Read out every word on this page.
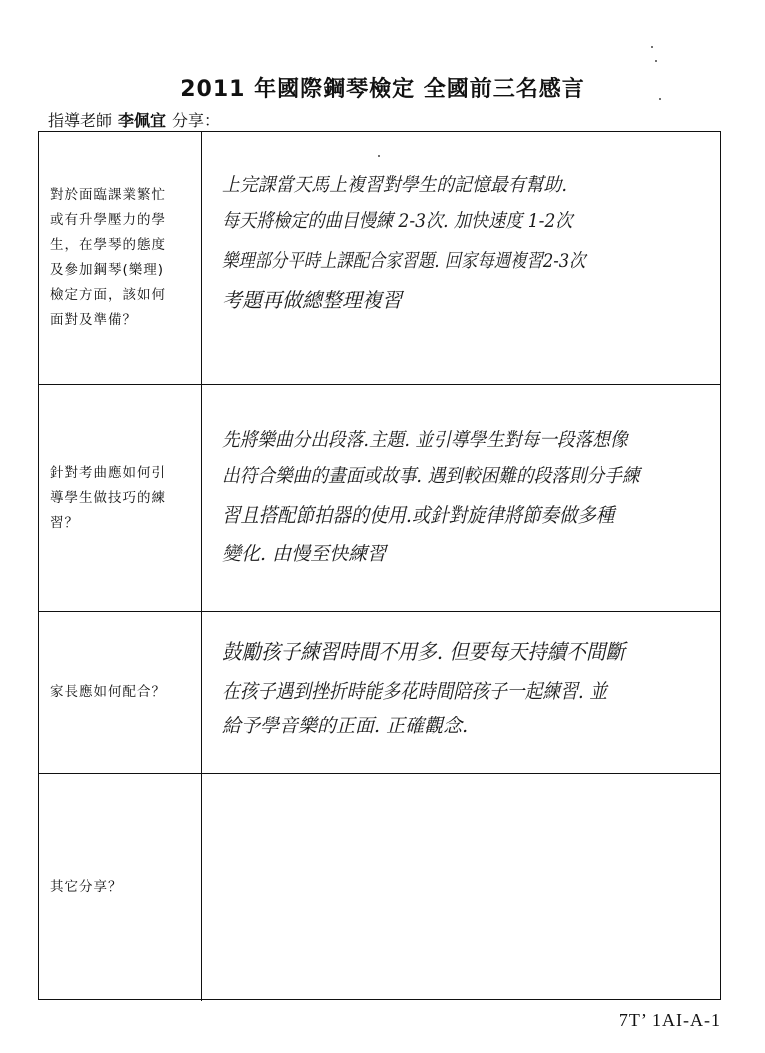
2011 年國際鋼琴檢定 全國前三名感言
指導老師 李佩宜 分享：
對於面臨課業繁忙
或有升學壓力的學
生，在學琴的態度
及參加鋼琴(樂理)
檢定方面，該如何
面對及準備？
上完課當天馬上複習對學生的記憶最有幫助.
每天將檢定的曲目慢練 2-3次. 加快速度 1-2次
樂理部分平時上課配合家習題. 回家每週複習2-3次
考題再做總整理複習
針對考曲應如何引
導學生做技巧的練
習？
先將樂曲分出段落.主題. 並引導學生對每一段落想像
出符合樂曲的畫面或故事. 遇到較困難的段落則分手練
習且搭配節拍器的使用.或針對旋律將節奏做多種
變化. 由慢至快練習
家長應如何配合？
鼓勵孩子練習時間不用多. 但要每天持續不間斷
在孩子遇到挫折時能多花時間陪孩子一起練習. 並
給予學音樂的正面. 正確觀念.
其它分享？
7T’ 1AI-A-1
